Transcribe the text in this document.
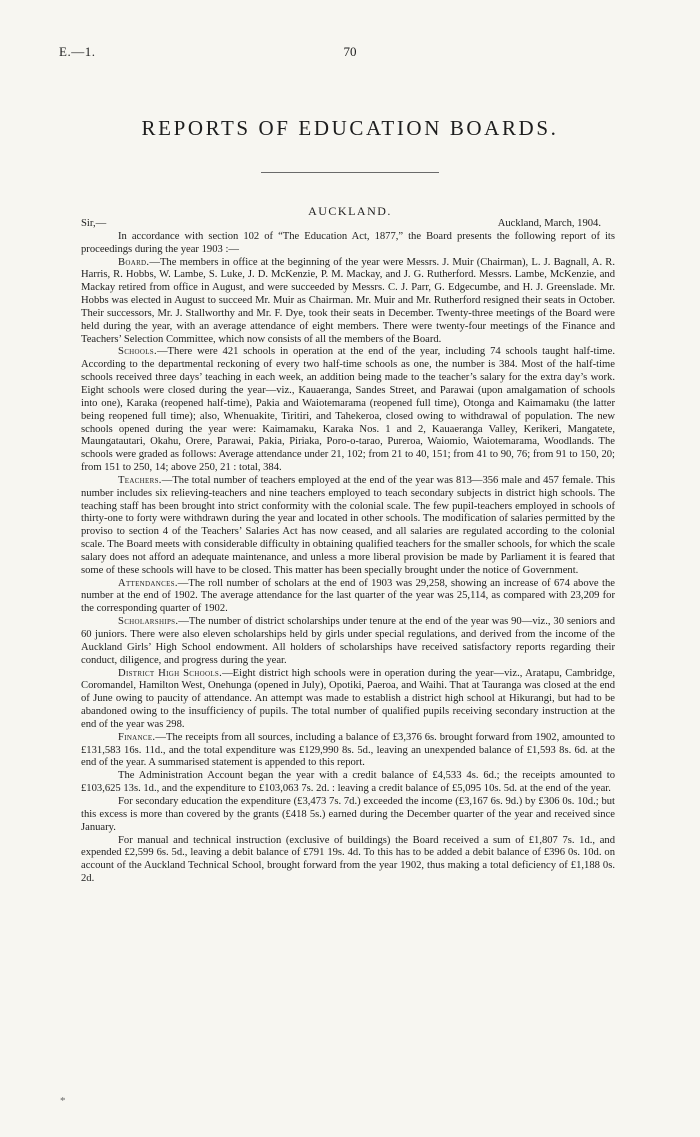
E.—1.	70
REPORTS OF EDUCATION BOARDS.
AUCKLAND.
Sir,—	Auckland, March, 1904.

In accordance with section 102 of “The Education Act, 1877,” the Board presents the following report of its proceedings during the year 1903 :—

Board.—The members in office at the beginning of the year were Messrs. J. Muir (Chairman), L. J. Bagnall, A. R. Harris, R. Hobbs, W. Lambe, S. Luke, J. D. McKenzie, P. M. Mackay, and J. G. Rutherford. Messrs. Lambe, McKenzie, and Mackay retired from office in August, and were succeeded by Messrs. C. J. Parr, G. Edgecumbe, and H. J. Greenslade. Mr. Hobbs was elected in August to succeed Mr. Muir as Chairman. Mr. Muir and Mr. Rutherford resigned their seats in October. Their successors, Mr. J. Stallworthy and Mr. F. Dye, took their seats in December. Twenty-three meetings of the Board were held during the year, with an average attendance of eight members. There were twenty-four meetings of the Finance and Teachers’ Selection Committee, which now consists of all the members of the Board.

Schools.—There were 421 schools in operation at the end of the year, including 74 schools taught half-time. According to the departmental reckoning of every two half-time schools as one, the number is 384. Most of the half-time schools received three days’ teaching in each week, an addition being made to the teacher’s salary for the extra day’s work. Eight schools were closed during the year—viz., Kauaeranga, Sandes Street, and Parawai (upon amalgamation of schools into one), Karaka (reopened half-time), Pakia and Waiotemarama (reopened full time), Otonga and Kaimamaku (the latter being reopened full time); also, Whenuakite, Tiritiri, and Tahekeroa, closed owing to withdrawal of population. The new schools opened during the year were: Kaimamaku, Karaka Nos. 1 and 2, Kauaeranga Valley, Kerikeri, Mangatete, Maungatautari, Okahu, Orere, Parawai, Pakia, Piriaka, Poro-o-tarao, Pureroa, Waiomio, Waiotemarama, Woodlands. The schools were graded as follows: Average attendance under 21, 102; from 21 to 40, 151; from 41 to 90, 76; from 91 to 150, 20; from 151 to 250, 14; above 250, 21 : total, 384.

Teachers.—The total number of teachers employed at the end of the year was 813—356 male and 457 female. This number includes six relieving-teachers and nine teachers employed to teach secondary subjects in district high schools. The teaching staff has been brought into strict conformity with the colonial scale. The few pupil-teachers employed in schools of thirty-one to forty were withdrawn during the year and located in other schools. The modification of salaries permitted by the proviso to section 4 of the Teachers’ Salaries Act has now ceased, and all salaries are regulated according to the colonial scale. The Board meets with considerable difficulty in obtaining qualified teachers for the smaller schools, for which the scale salary does not afford an adequate maintenance, and unless a more liberal provision be made by Parliament it is feared that some of these schools will have to be closed. This matter has been specially brought under the notice of Government.

Attendances.—The roll number of scholars at the end of 1903 was 29,258, showing an increase of 674 above the number at the end of 1902. The average attendance for the last quarter of the year was 25,114, as compared with 23,209 for the corresponding quarter of 1902.

Scholarships.—The number of district scholarships under tenure at the end of the year was 90—viz., 30 seniors and 60 juniors. There were also eleven scholarships held by girls under special regulations, and derived from the income of the Auckland Girls’ High School endowment. All holders of scholarships have received satisfactory reports regarding their conduct, diligence, and progress during the year.

District High Schools.—Eight district high schools were in operation during the year—viz., Aratapu, Cambridge, Coromandel, Hamilton West, Onehunga (opened in July), Opotiki, Paeroa, and Waihi. That at Tauranga was closed at the end of June owing to paucity of attendance. An attempt was made to establish a district high school at Hikurangi, but had to be abandoned owing to the insufficiency of pupils. The total number of qualified pupils receiving secondary instruction at the end of the year was 298.

Finance.—The receipts from all sources, including a balance of £3,376 6s. brought forward from 1902, amounted to £131,583 16s. 11d., and the total expenditure was £129,990 8s. 5d., leaving an unexpended balance of £1,593 8s. 6d. at the end of the year. A summarised statement is appended to this report.

The Administration Account began the year with a credit balance of £4,533 4s. 6d.; the receipts amounted to £103,625 13s. 1d., and the expenditure to £103,063 7s. 2d. : leaving a credit balance of £5,095 10s. 5d. at the end of the year.

For secondary education the expenditure (£3,473 7s. 7d.) exceeded the income (£3,167 6s. 9d.) by £306 0s. 10d.; but this excess is more than covered by the grants (£418 5s.) earned during the December quarter of the year and received since January.

For manual and technical instruction (exclusive of buildings) the Board received a sum of £1,807 7s. 1d., and expended £2,599 6s. 5d., leaving a debit balance of £791 19s. 4d. To this has to be added a debit balance of £396 0s. 10d. on account of the Auckland Technical School, brought forward from the year 1902, thus making a total deficiency of £1,188 0s. 2d.

*
